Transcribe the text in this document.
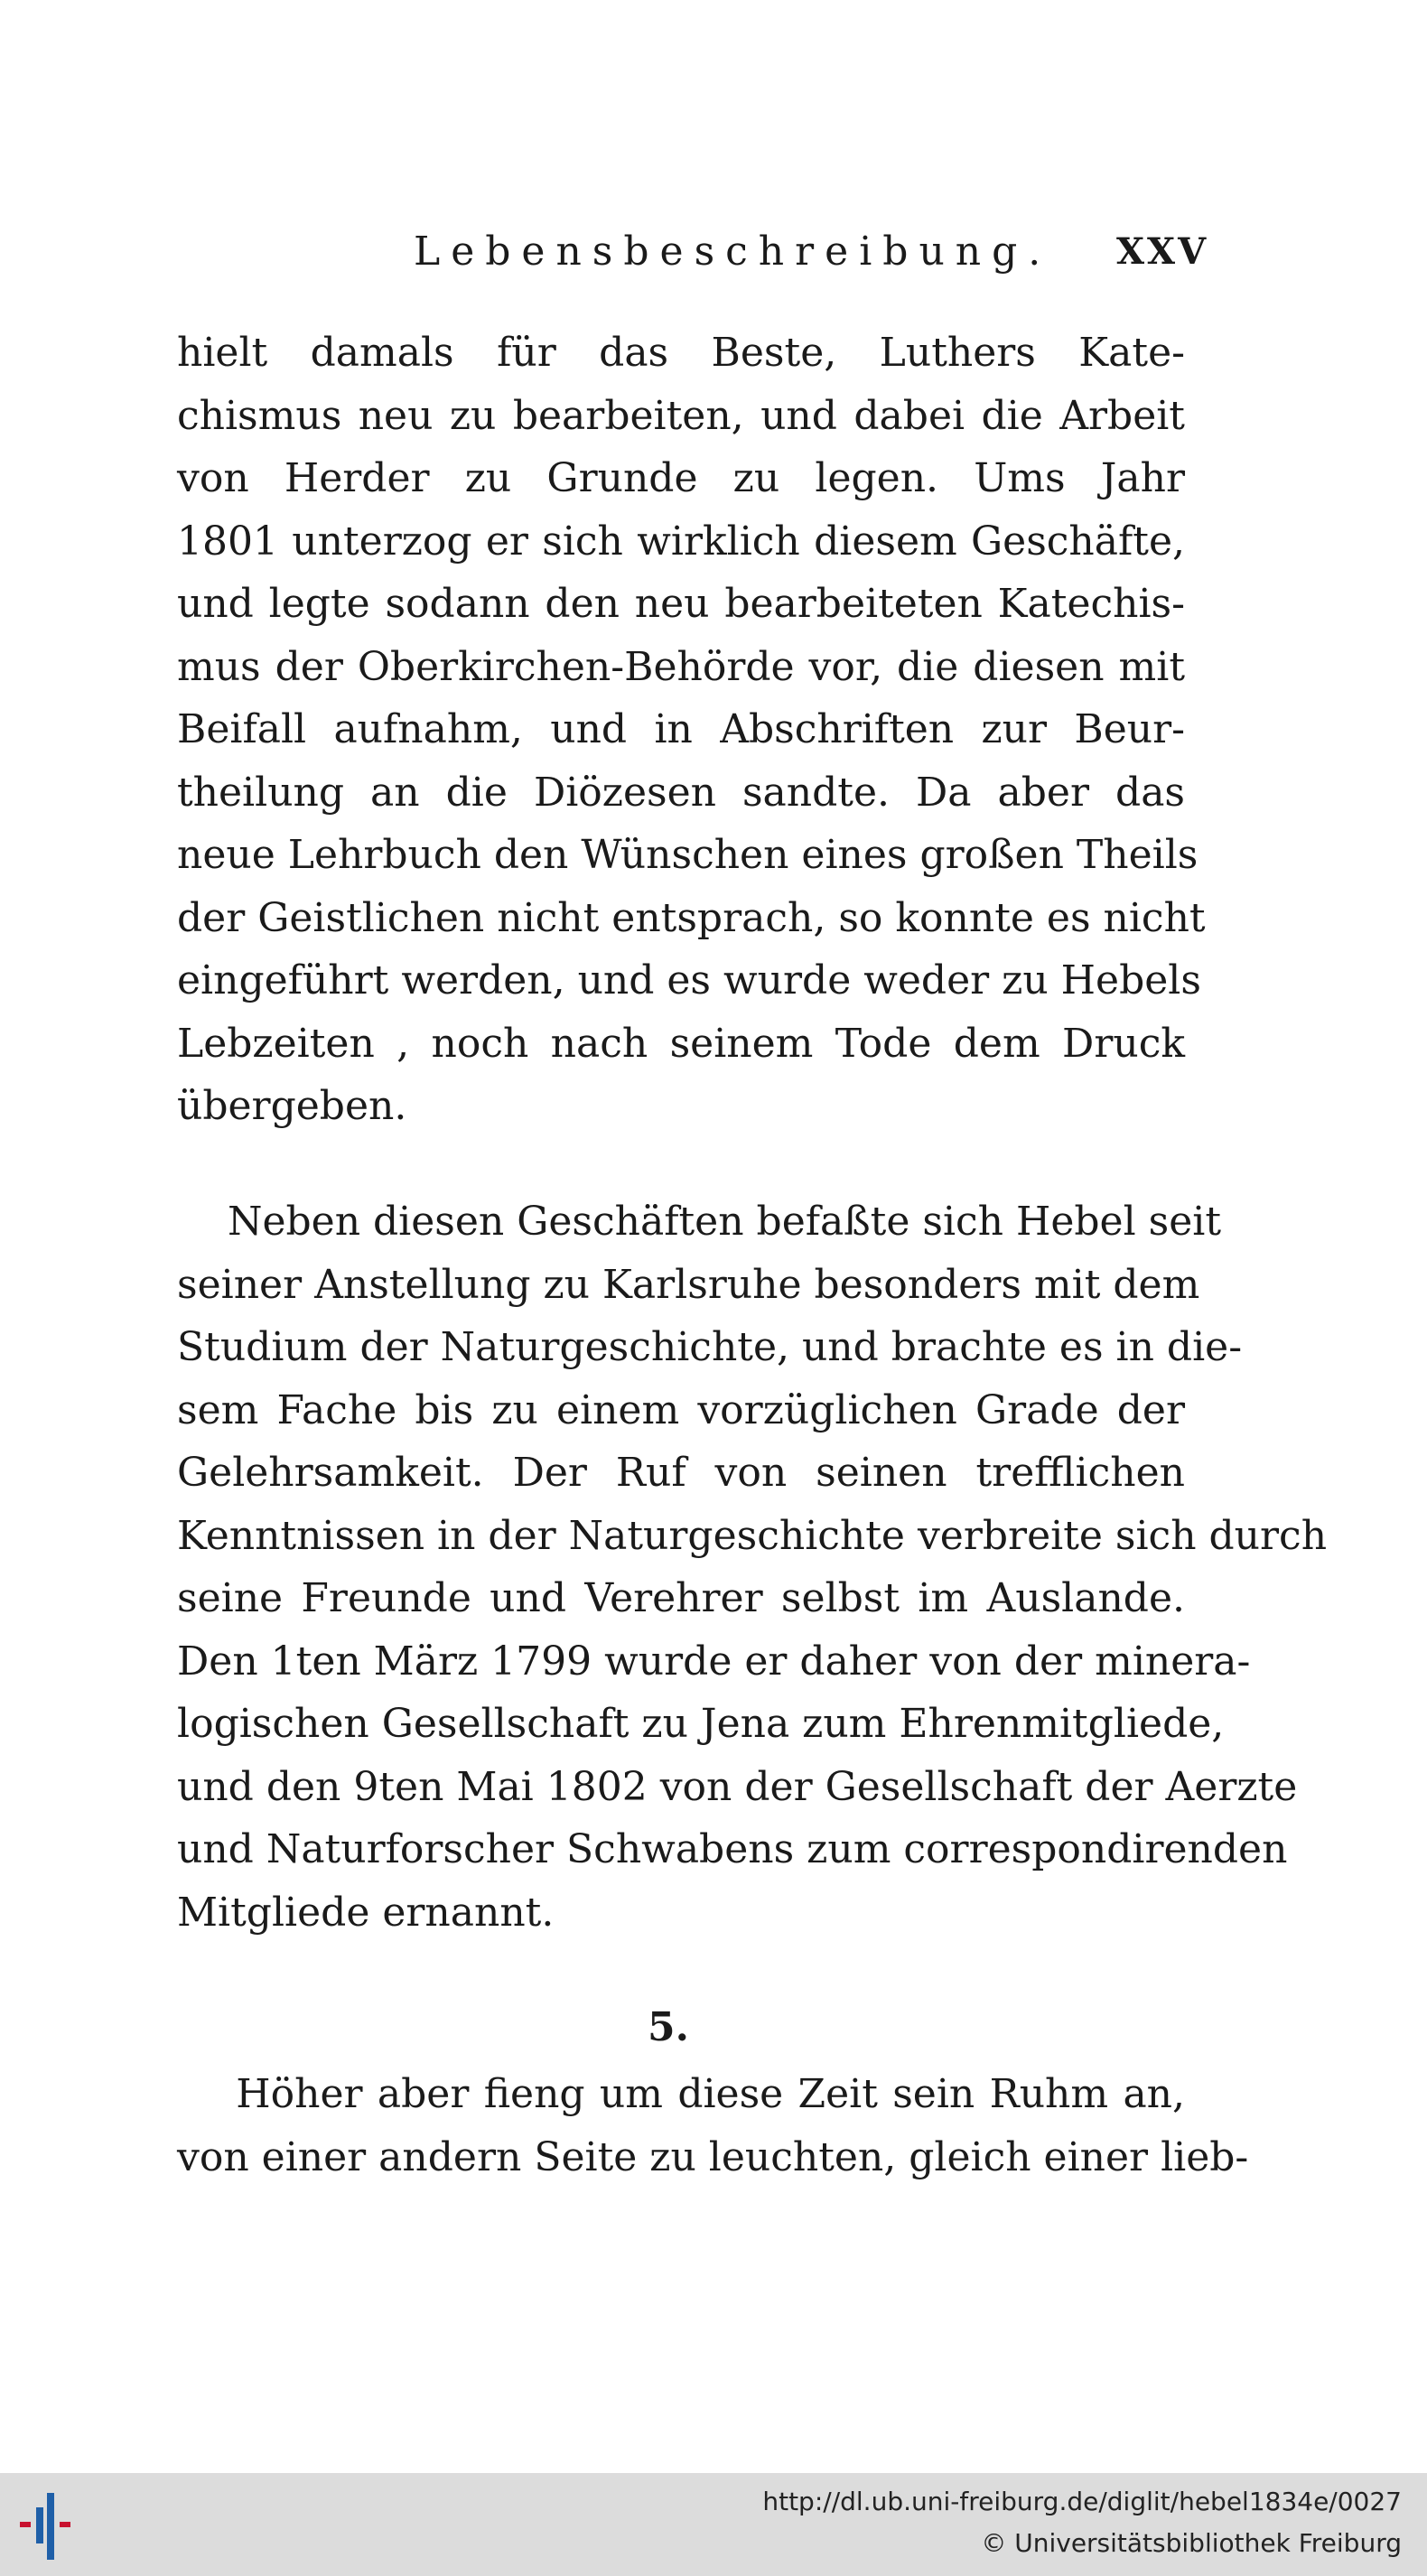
Lebensbeschreibung. XXV
hielt damals für das Beste, Luthers Kate-
chismus neu zu bearbeiten, und dabei die Arbeit
von Herder zu Grunde zu legen. Ums Jahr
1801 unterzog er sich wirklich diesem Geschäfte,
und legte sodann den neu bearbeiteten Katechis-
mus der Oberkirchen-Behörde vor, die diesen mit
Beifall aufnahm, und in Abschriften zur Beur-
theilung an die Diözesen sandte. Da aber das
neue Lehrbuch den Wünschen eines großen Theils
der Geistlichen nicht entsprach, so konnte es nicht
eingeführt werden, und es wurde weder zu Hebels
Lebzeiten , noch nach seinem Tode dem Druck
übergeben.
Neben diesen Geschäften befaßte sich Hebel seit
seiner Anstellung zu Karlsruhe besonders mit dem
Studium der Naturgeschichte, und brachte es in die-
sem Fache bis zu einem vorzüglichen Grade der
Gelehrsamkeit. Der Ruf von seinen trefflichen
Kenntnissen in der Naturgeschichte verbreite sich durch
seine Freunde und Verehrer selbst im Auslande.
Den 1ten März 1799 wurde er daher von der minera-
logischen Gesellschaft zu Jena zum Ehrenmitgliede,
und den 9ten Mai 1802 von der Gesellschaft der Aerzte
und Naturforscher Schwabens zum correspondirenden
Mitgliede ernannt.
5.
Höher aber fieng um diese Zeit sein Ruhm an,
von einer andern Seite zu leuchten, gleich einer lieb-
http://dl.ub.uni-freiburg.de/diglit/hebel1834e/0027
© Universitätsbibliothek Freiburg
